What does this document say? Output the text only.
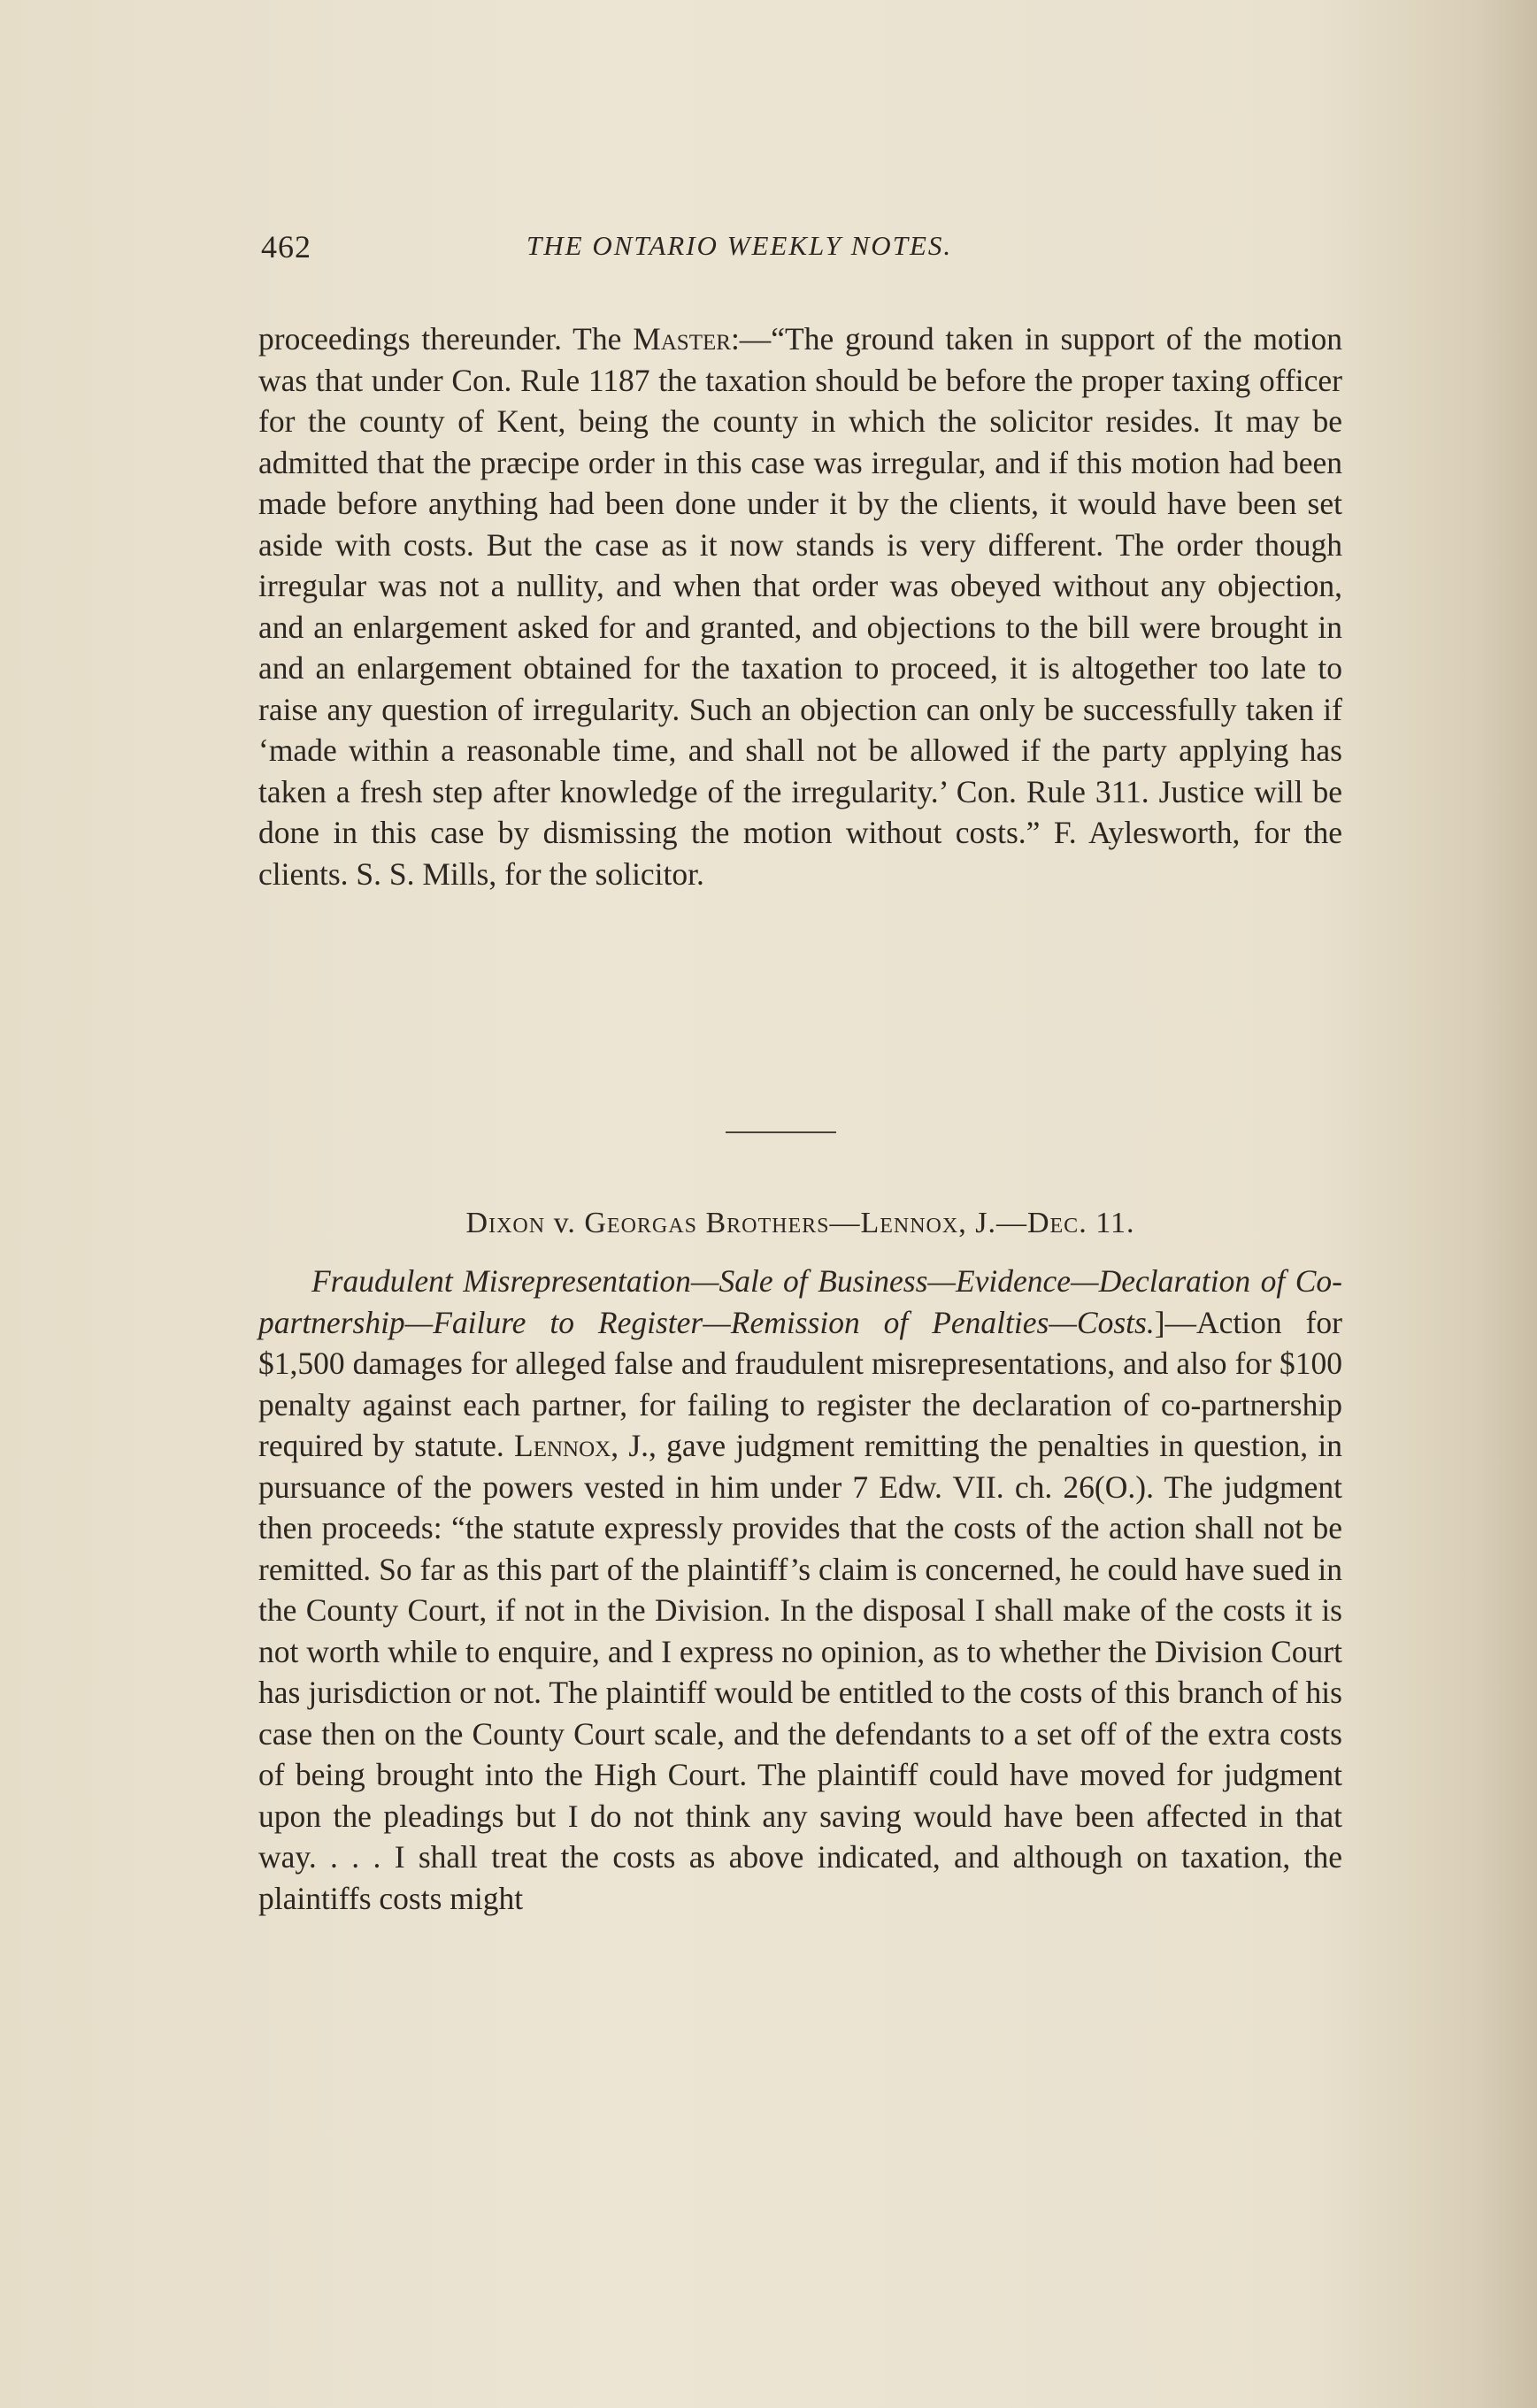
462	THE ONTARIO WEEKLY NOTES.

proceedings thereunder. The Master:—“The ground taken in support of the motion was that under Con. Rule 1187 the taxation should be before the proper taxing officer for the county of Kent, being the county in which the solicitor resides. It may be admitted that the præcipe order in this case was irregular, and if this motion had been made before anything had been done under it by the clients, it would have been set aside with costs. But the case as it now stands is very different. The order though irregular was not a nullity, and when that order was obeyed without any objection, and an enlargement asked for and granted, and objections to the bill were brought in and an enlargement obtained for the taxation to proceed, it is altogether too late to raise any question of irregularity. Such an objection can only be successfully taken if ‘made within a reasonable time, and shall not be allowed if the party applying has taken a fresh step after knowledge of the irregularity.’ Con. Rule 311. Justice will be done in this case by dismissing the motion without costs.” F. Aylesworth, for the clients. S. S. Mills, for the solicitor.

Dixon v. Georgas Brothers—Lennox, J.—Dec. 11.

Fraudulent Misrepresentation—Sale of Business—Evidence—Declaration of Co-partnership—Failure to Register—Remission of Penalties—Costs.]—Action for $1,500 damages for alleged false and fraudulent misrepresentations, and also for $100 penalty against each partner, for failing to register the declaration of co-partnership required by statute. Lennox, J., gave judgment remitting the penalties in question, in pursuance of the powers vested in him under 7 Edw. VII. ch. 26(O.). The judgment then proceeds: “the statute expressly provides that the costs of the action shall not be remitted. So far as this part of the plaintiff’s claim is concerned, he could have sued in the County Court, if not in the Division. In the disposal I shall make of the costs it is not worth while to enquire, and I express no opinion, as to whether the Division Court has jurisdiction or not. The plaintiff would be entitled to the costs of this branch of his case then on the County Court scale, and the defendants to a set off of the extra costs of being brought into the High Court. The plaintiff could have moved for judgment upon the pleadings but I do not think any saving would have been affected in that way. . . . I shall treat the costs as above indicated, and although on taxation, the plaintiffs costs might
